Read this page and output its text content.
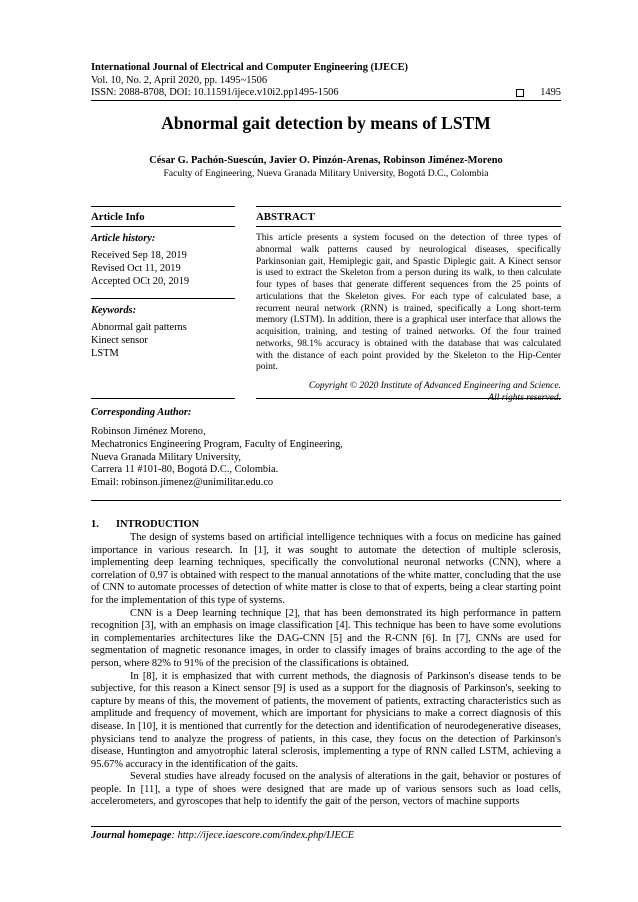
International Journal of Electrical and Computer Engineering (IJECE)
Vol. 10, No. 2, April 2020, pp. 1495~1506
ISSN: 2088-8708, DOI: 10.11591/ijece.v10i2.pp1495-1506	1495
Abnormal gait detection by means of LSTM
César G. Pachón-Suescún, Javier O. Pinzón-Arenas, Robinson Jiménez-Moreno
Faculty of Engineering, Nueva Granada Military University, Bogotá D.C., Colombia
Article Info
Article history:
Received Sep 18, 2019
Revised Oct 11, 2019
Accepted OCt 20, 2019
Keywords:
Abnormal gait patterns
Kinect sensor
LSTM
ABSTRACT
This article presents a system focused on the detection of three types of abnormal walk patterns caused by neurological diseases, specifically Parkinsonian gait, Hemiplegic gait, and Spastic Diplegic gait. A Kinect sensor is used to extract the Skeleton from a person during its walk, to then calculate four types of bases that generate different sequences from the 25 points of articulations that the Skeleton gives. For each type of calculated base, a recurrent neural network (RNN) is trained, specifically a Long short-term memory (LSTM). In addition, there is a graphical user interface that allows the acquisition, training, and testing of trained networks. Of the four trained networks, 98.1% accuracy is obtained with the database that was calculated with the distance of each point provided by the Skeleton to the Hip-Center point.
Copyright © 2020 Institute of Advanced Engineering and Science.
All rights reserved.
Corresponding Author:
Robinson Jiménez Moreno,
Mechatronics Engineering Program, Faculty of Engineering,
Nueva Granada Military University,
Carrera 11 #101-80, Bogotá D.C., Colombia.
Email: robinson.jimenez@unimilitar.edu.co
1. INTRODUCTION

The design of systems based on artificial intelligence techniques with a focus on medicine has gained importance in various research. In [1], it was sought to automate the detection of multiple sclerosis, implementing deep learning techniques, specifically the convolutional neuronal networks (CNN), where a correlation of 0.97 is obtained with respect to the manual annotations of the white matter, concluding that the use of CNN to automate processes of detection of white matter is close to that of experts, being a clear starting point for the implementation of this type of systems.

CNN is a Deep learning technique [2], that has been demonstrated its high performance in pattern recognition [3], with an emphasis on image classification [4]. This technique has been to have some evolutions in complementaries architectures like the DAG-CNN [5] and the R-CNN [6]. In [7], CNNs are used for segmentation of magnetic resonance images, in order to classify images of brains according to the age of the person, where 82% to 91% of the precision of the classifications is obtained.

In [8], it is emphasized that with current methods, the diagnosis of Parkinson's disease tends to be subjective, for this reason a Kinect sensor [9] is used as a support for the diagnosis of Parkinson's, seeking to capture by means of this, the movement of patients, the movement of patients, extracting characteristics such as amplitude and frequency of movement, which are important for physicians to make a correct diagnosis of this disease. In [10], it is mentioned that currently for the detection and identification of neurodegenerative diseases, physicians tend to analyze the progress of patients, in this case, they focus on the detection of Parkinson's disease, Huntington and amyotrophic lateral sclerosis, implementing a type of RNN called LSTM, achieving a 95.67% accuracy in the identification of the gaits.

Several studies have already focused on the analysis of alterations in the gait, behavior or postures of people. In [11], a type of shoes were designed that are made up of various sensors such as load cells, accelerometers, and gyroscopes that help to identify the gait of the person, vectors of machine supports

Journal homepage: http://ijece.iaescore.com/index.php/IJECE
